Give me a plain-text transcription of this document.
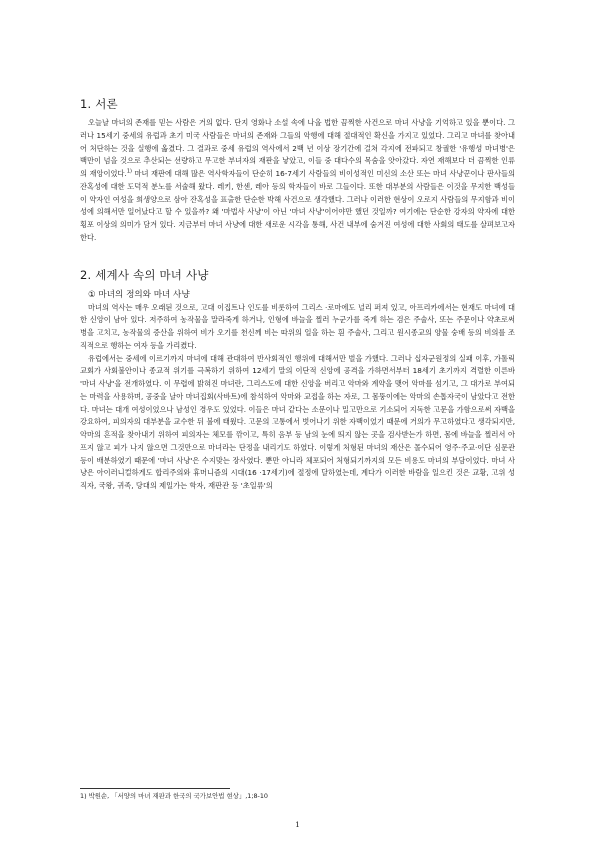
1. 서론

오늘날 마녀의 존재를 믿는 사람은 거의 없다. 단지 영화나 소설 속에 나올 법한 끔찍한 사건으로 마녀 사냥을 기억하고 있을 뿐이다. 그러나 15세기 중세의 유럽과 초기 미국 사람들은 마녀의 존재와 그들의 악행에 대해 절대적인 확신을 가지고 있었다. 그리고 마녀를 찾아내어 처단하는 것을 실행에 옮겼다. 그 결과로 중세 유럽의 역사에서 2백 년 이상 장기간에 걸쳐 각지에 전파되고 창궐한 '유행성 마녀병'은 백만이 넘을 것으로 추산되는 선량하고 무고한 부녀자의 재판을 낳았고, 이들 중 대다수의 목숨을 앗아갔다. 자연 재해보다 더 끔찍한 인류의 재앙이었다.$^{1)}$ 마녀 재판에 대해 많은 역사학자들이 단순히 16-7세기 사람들의 비이성적인 미신의 소산 또는 마녀 사냥꾼이나 판사들의 잔혹성에 대한 도덕적 분노를 서술해 왔다. 레키, 한센, 레아 등의 학자들이 바로 그들이다. 또한 대부분의 사람들은 이것을 무지한 백성들이 약자인 여성을 희생양으로 삼아 잔혹성을 표출한 단순한 박해 사건으로 생각했다. 그러나 이러한 현상이 오로지 사람들의 무지함과 비이성에 의해서만 일어났다고 할 수 있을까? 왜 '마법사 사냥'이 아닌 '마녀 사냥'이어야만 했던 것일까? 여기에는 단순한 강자의 약자에 대한 횡포 이상의 의미가 담겨 있다. 지금부터 마녀 사냥에 대한 새로운 시각을 통해, 사건 내부에 숨겨진 여성에 대한 사회의 태도를 살펴보고자 한다.

2. 세계사 속의 마녀 사냥
① 마녀의 정의와 마녀 사냥

마녀의 역사는 매우 오래된 것으로, 고대 이집트나 인도를 비롯하여 그리스 ·로마에도 널리 퍼져 있고, 아프리카에서는 현재도 마녀에 대한 신앙이 남아 있다. 저주하여 농작물을 말라죽게 하거나, 인형에 바늘을 찔러 누군가를 죽게 하는 검은 주술사, 또는 주문이나 약초로써 병을 고치고, 농작물의 증산을 위하여 비가 오기를 천신께 비는 따위의 일을 하는 흰 주술사, 그리고 원시종교의 양물 숭배 등의 비의를 조직적으로 행하는 여자 등을 가리켰다.

유럽에서는 중세에 이르기까지 마녀에 대해 관대하여 반사회적인 행위에 대해서만 벌을 가했다. 그러나 십자군원정의 실패 이후, 가톨릭 교회가 사회불안이나 종교적 위기를 극복하기 위하여 12세기 말의 이단적 신앙에 공격을 가하면서부터 18세기 초기까지 격렬한 이른바 '마녀 사냥'을 전개하였다. 이 무렵에 밝혀진 마녀란, 그리스도에 대한 신앙을 버리고 악마와 계약을 맺어 악마를 섬기고, 그 대가로 부여되는 마력을 사용하며, 공중을 날아 마녀집회(사바트)에 참석하여 악마와 교접을 하는 자로, 그 몸뚱이에는 악마의 손톱자국이 남았다고 전한다. 마녀는 대개 여성이었으나 남성인 경우도 있었다. 이들은 마녀 같다는 소문이나 밀고만으로 기소되어 지독한 고문을 가함으로써 자백을 강요하여, 피의자의 대부분을 교수한 뒤 불에 태웠다. 고문의 고통에서 벗어나기 위한 자백이었기 때문에 거의가 무고하였다고 생각되지만, 악마의 흔적을 찾아내기 위하여 피의자는 체모를 깎이고, 특히 음부 등 남의 눈에 띄지 않는 곳을 검사받는가 하면, 몸에 바늘을 찔러서 아프지 않고 피가 나지 않으면 그것만으로 마녀라는 단정을 내리기도 하였다. 이렇게 처형된 마녀의 재산은 몰수되어 영주·주교·이단 심문관 등이 배분하였기 때문에 '마녀 사냥'은 수지맞는 장사였다. 뿐만 아니라 체포되어 처형되기까지의 모든 비용도 마녀의 부담이었다. 마녀 사냥은 아이러니컬하게도 합리주의와 휴머니즘의 시대(16 ·17세기)에 절정에 달하였는데, 계다가 이러한 바람을 일으킨 것은 교황, 고위 성직자, 국왕, 귀족, 당대의 제일가는 학자, 재판관 등 '초일류'의

1) 박원순, 「서양의 마녀 재판과 한국의 국가보안법 현상」,1;8-10
1
